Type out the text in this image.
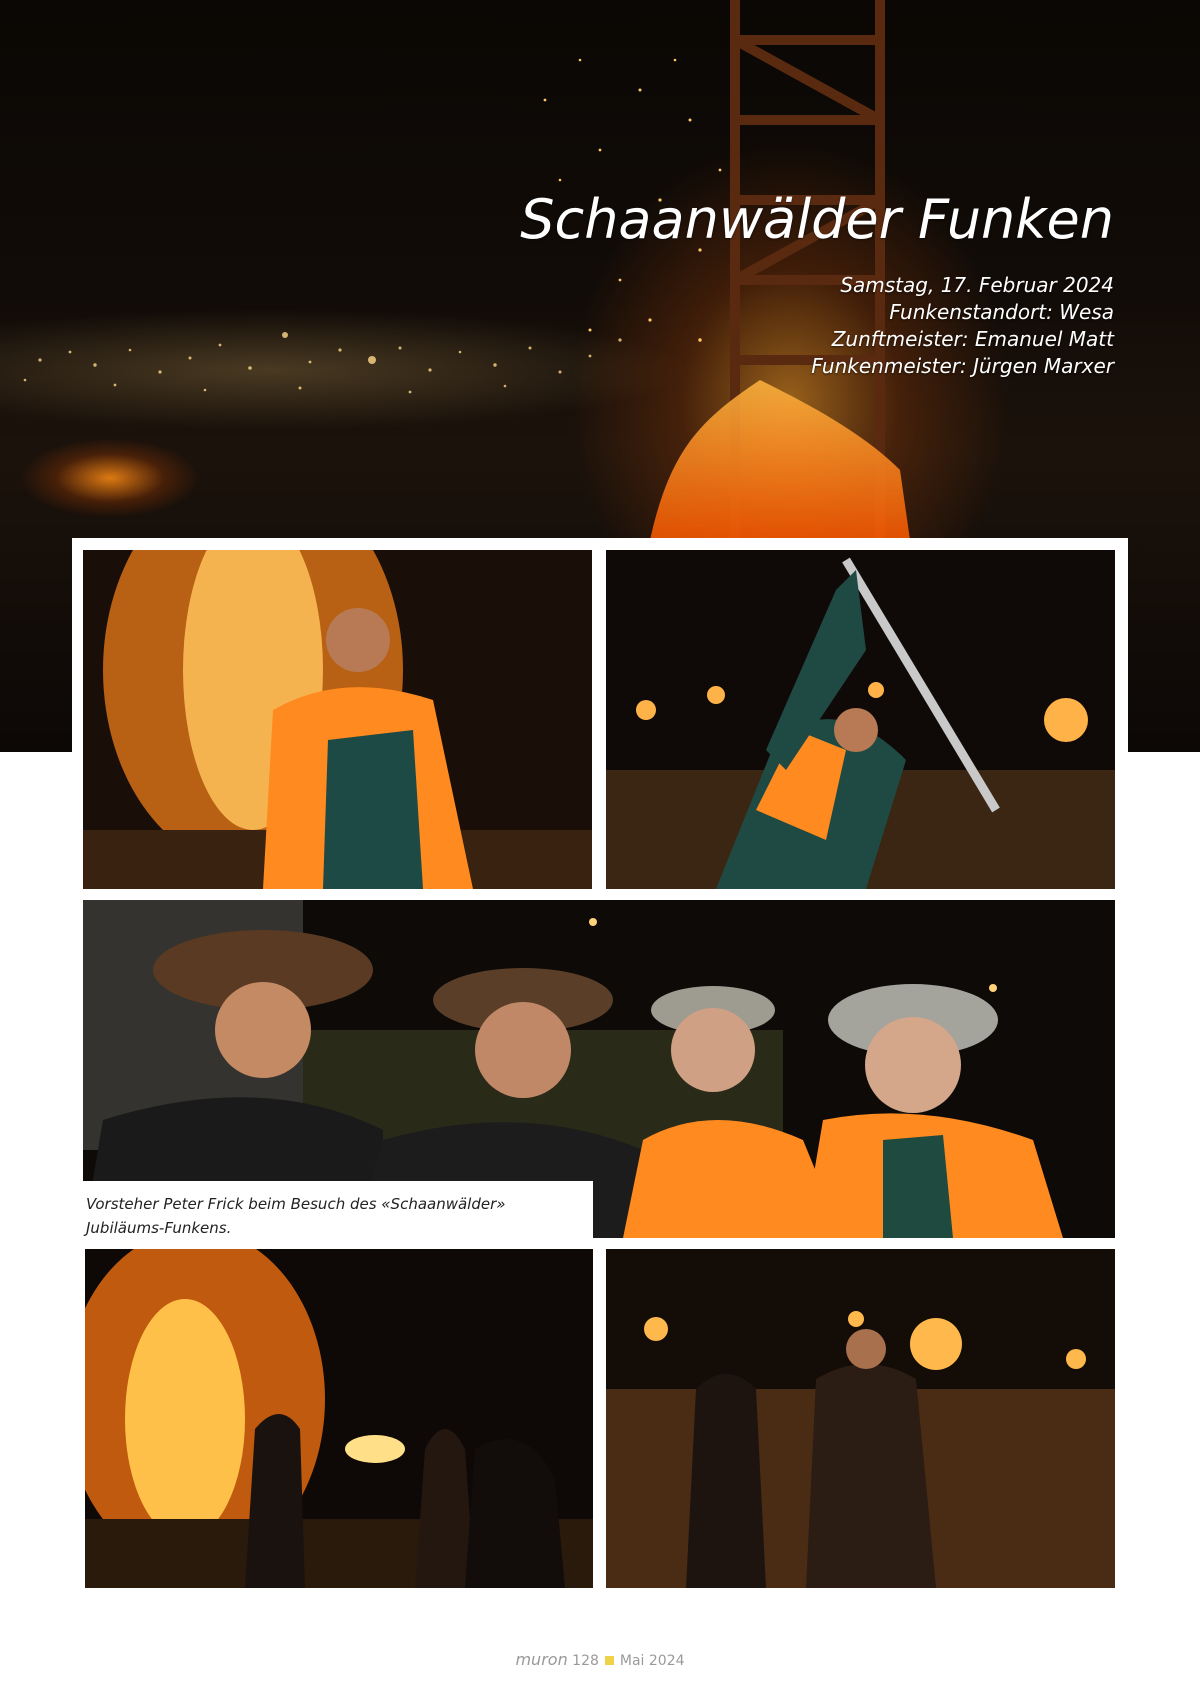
Schaanwälder Funken
Samstag, 17. Februar 2024
Funkenstandort: Wesa
Zunftmeister: Emanuel Matt
Funkenmeister: Jürgen Marxer
Vorsteher Peter Frick beim Besuch des «Schaanwälder» Jubiläums-Funkens.
muron 128 Mai 2024
